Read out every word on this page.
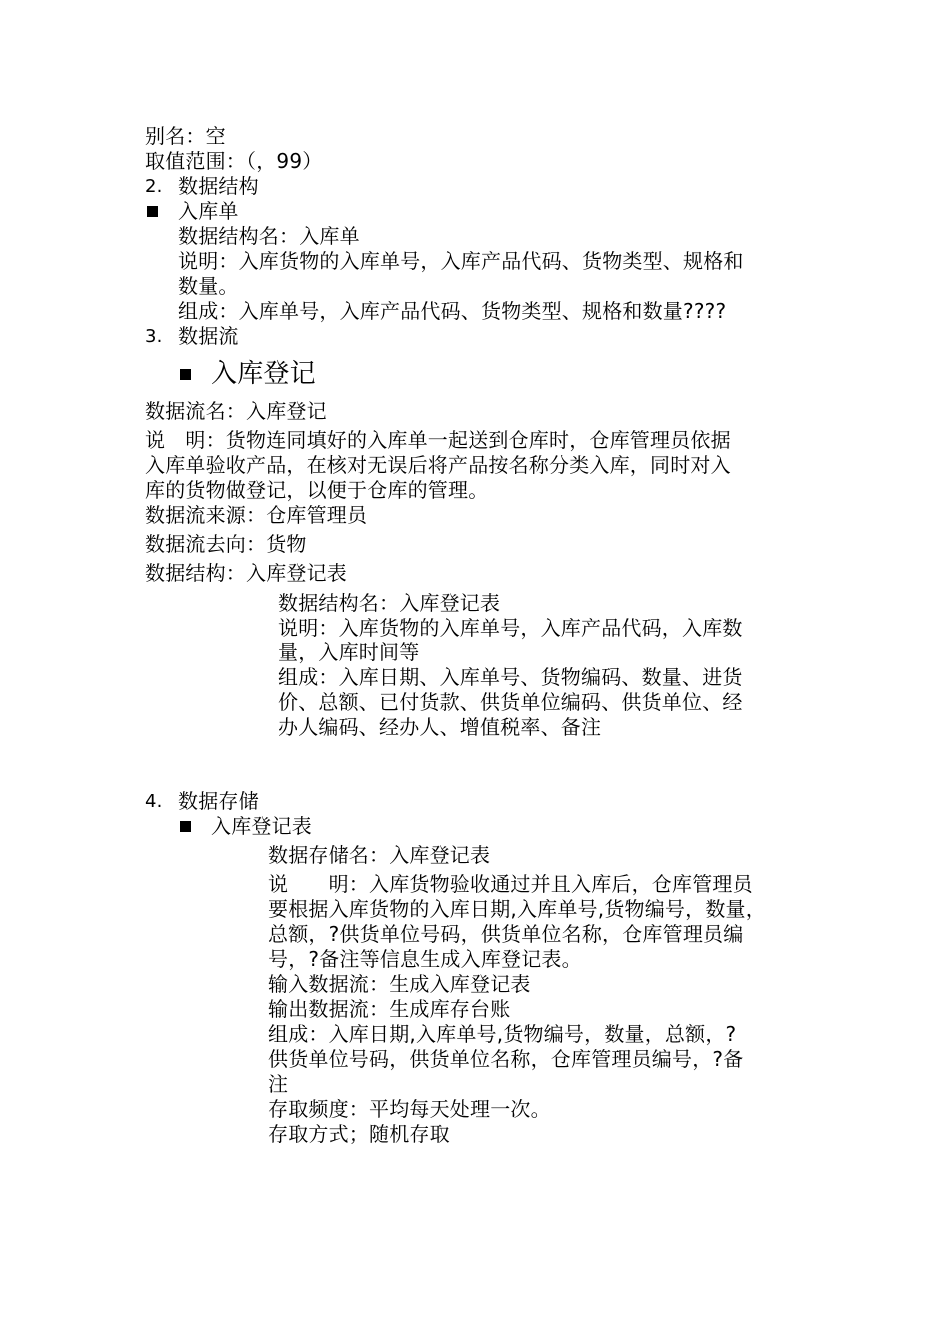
别名：空
取值范围：（，99）
2. 数据结构
入库单
数据结构名：入库单
说明：入库货物的入库单号，入库产品代码、货物类型、规格和
数量。
组成：入库单号，入库产品代码、货物类型、规格和数量????
3. 数据流
入库登记
数据流名：入库登记
说　明：货物连同填好的入库单一起送到仓库时，仓库管理员依据
入库单验收产品，在核对无误后将产品按名称分类入库，同时对入
库的货物做登记，以便于仓库的管理。
数据流来源：仓库管理员
数据流去向：货物
数据结构：入库登记表
数据结构名：入库登记表
说明：入库货物的入库单号，入库产品代码，入库数
量，入库时间等
组成：入库日期、入库单号、货物编码、数量、进货
价、总额、已付货款、供货单位编码、供货单位、经
办人编码、经办人、增值税率、备注
4. 数据存储
入库登记表
数据存储名：入库登记表
说　　明：入库货物验收通过并且入库后，仓库管理员
要根据入库货物的入库日期,入库单号,货物编号，数量，
总额，?供货单位号码，供货单位名称，仓库管理员编
号，?备注等信息生成入库登记表。
输入数据流：生成入库登记表
输出数据流：生成库存台账
组成：入库日期,入库单号,货物编号，数量，总额，?
供货单位号码，供货单位名称，仓库管理员编号，?备
注
存取频度：平均每天处理一次。
存取方式；随机存取
